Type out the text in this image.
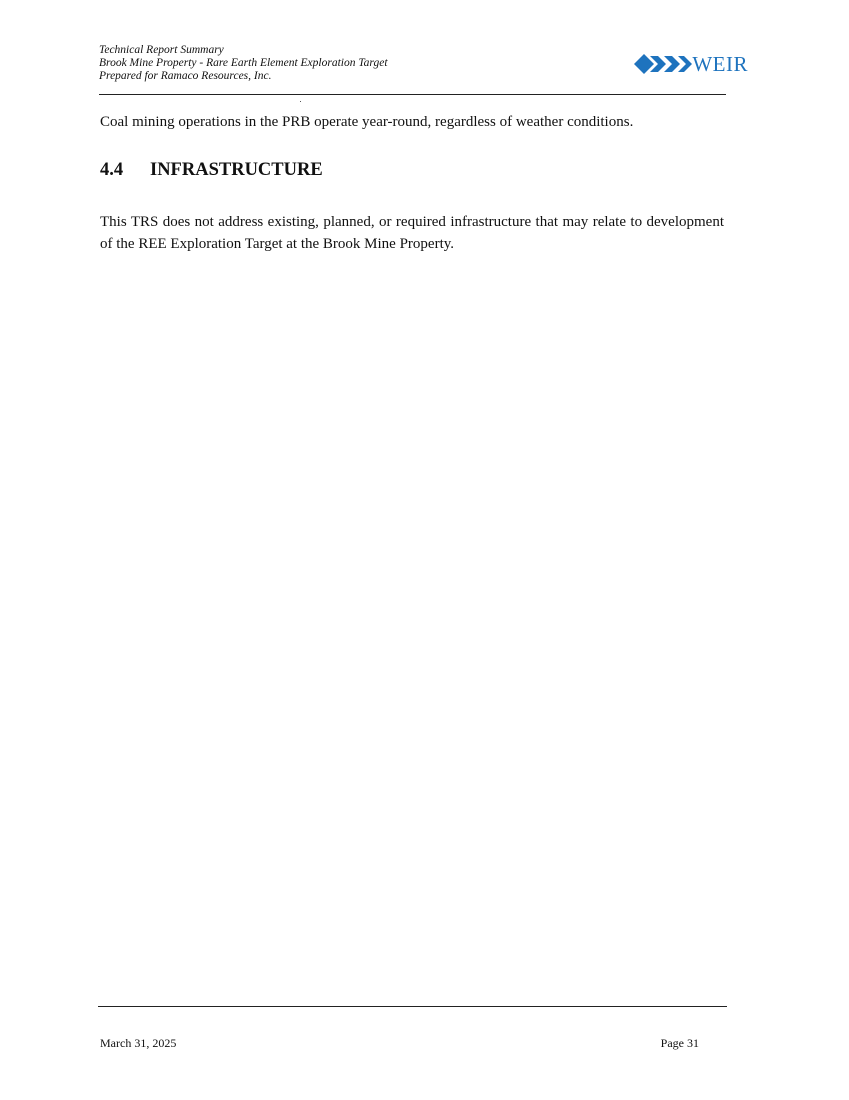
Technical Report Summary
Brook Mine Property - Rare Earth Element Exploration Target
Prepared for Ramaco Resources, Inc.
WEIR

Coal mining operations in the PRB operate year-round, regardless of weather conditions.

4.4 INFRASTRUCTURE

This TRS does not address existing, planned, or required infrastructure that may relate to development of the REE Exploration Target at the Brook Mine Property.

March 31, 2025	Page 31
